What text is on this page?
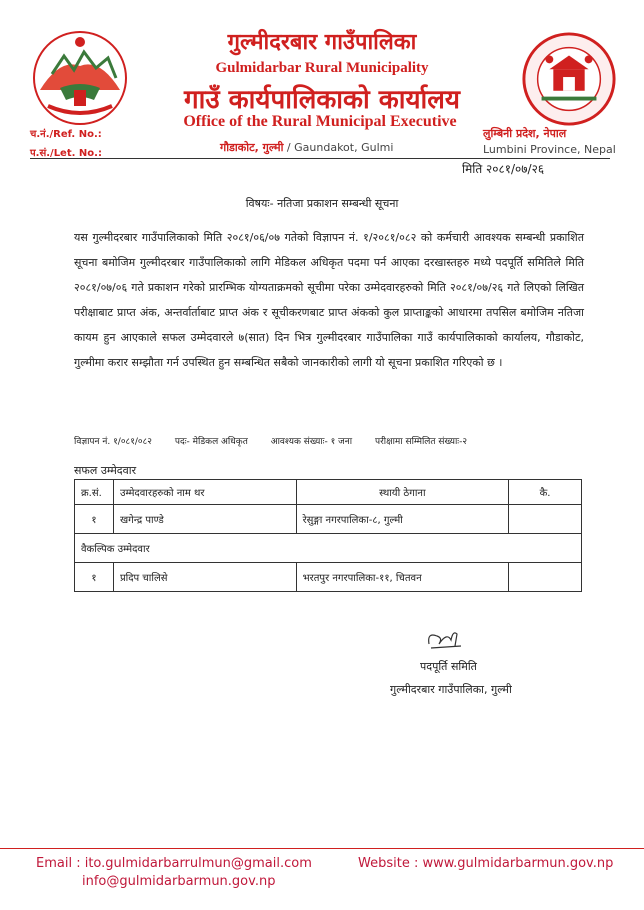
गुल्मीदरबार गाउँपालिका
Gulmidarbar Rural Municipality
गाउँ कार्यपालिकाको कार्यालय
Office of the Rural Municipal Executive
गौडाकोट, गुल्मी / Gaundakot, Gulmi
च.नं./Ref. No.:
प.सं./Let. No.:
लुम्बिनी प्रदेश, नेपाल
Lumbini Province, Nepal
मिति २०८१/०७/२६
विषयः- नतिजा प्रकाशन सम्बन्धी सूचना
यस गुल्मीदरबार गाउँपालिकाको मिति २०८१/०६/०७ गतेको विज्ञापन नं. १/२०८१/०८२ को कर्मचारी आवश्यक सम्बन्धी प्रकाशित सूचना बमोजिम गुल्मीदरबार गाउँपालिकाको लागि मेडिकल अधिकृत पदमा पर्न आएका दरखास्तहरु मध्ये पदपूर्ति समितिले मिति २०८१/०७/०६ गते प्रकाशन गरेको प्रारम्भिक योग्यताक्रमको सूचीमा परेका उम्मेदवारहरुको मिति २०८१/०७/२६ गते लिएको लिखित परीक्षाबाट प्राप्त अंक, अन्तर्वार्ताबाट प्राप्त अंक र सूचीकरणबाट प्राप्त अंकको कुल प्राप्ताङ्कको आधारमा तपसिल बमोजिम नतिजा कायम हुन आएकाले सफल उम्मेदवारले ७(सात) दिन भित्र गुल्मीदरबार गाउँपालिका गाउँ कार्यपालिकाको कार्यालय, गौडाकोट, गुल्मीमा करार सम्झौता गर्न उपस्थित हुन सम्बन्धित सबैको जानकारीको लागी यो सूचना प्रकाशित गरिएको छ ।
विज्ञापन नं. १/०८१/०८२	पदः- मेडिकल अधिकृत	आवश्यक संख्याः- १ जना	परीक्षामा सम्मिलित संख्याः-२
सफल उम्मेदवार
क्र.सं.	उम्मेदवारहरुको नाम थर	स्थायी ठेगाना	कै.
१	खगेन्द्र पाण्डे	रेसुङ्गा नगरपालिका-८, गुल्मी	
वैकल्पिक उम्मेदवार			
१	प्रदिप चालिसे	भरतपुर नगरपालिका-११, चितवन	
पदपूर्ति समिति
गुल्मीदरबार गाउँपालिका, गुल्मी
Email : ito.gulmidarbarrulmun@gmail.com
info@gulmidarbarmun.gov.np
Website : www.gulmidarbarmun.gov.np
